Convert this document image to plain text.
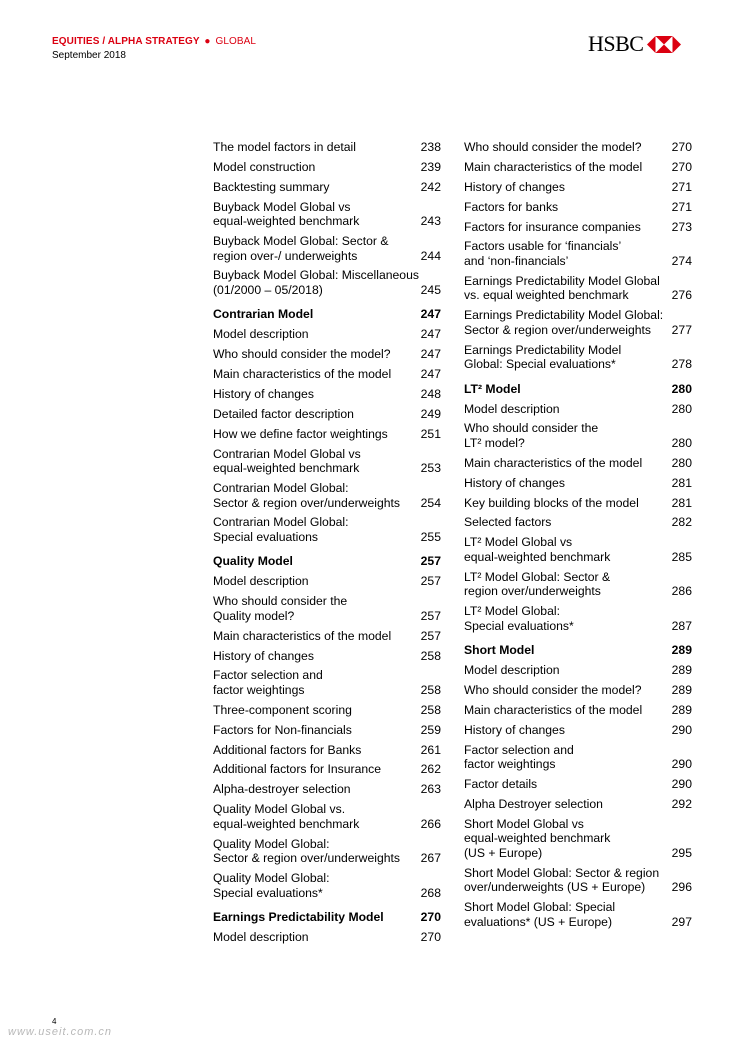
EQUITIES / ALPHA STRATEGY ● GLOBAL
September 2018	HSBC
The model factors in detail	238
Model construction	239
Backtesting summary	242
Buyback Model Global vs
equal-weighted benchmark	243
Buyback Model Global: Sector &
region over-/ underweights	244
Buyback Model Global: Miscellaneous
(01/2000 – 05/2018)	245
Contrarian Model	247
Model description	247
Who should consider the model? 247
Main characteristics of the model 247
History of changes	248
Detailed factor description	249
How we define factor weightings	251
Contrarian Model Global vs
equal-weighted benchmark	253
Contrarian Model Global:
Sector & region over/underweights 254
Contrarian Model Global:
Special evaluations	255
Quality Model	257
Model description	257
Who should consider the
Quality model?	257
Main characteristics of the model 257
History of changes	258
Factor selection and
factor weightings	258
Three-component scoring	258
Factors for Non-financials	259
Additional factors for Banks	261
Additional factors for Insurance	262
Alpha-destroyer selection	263
Quality Model Global vs.
equal-weighted benchmark	266
Quality Model Global:
Sector & region over/underweights 267
Quality Model Global:
Special evaluations*	268
Earnings Predictability Model	270
Model description	270
Who should consider the model? 270
Main characteristics of the model 270
History of changes	271
Factors for banks	271
Factors for insurance companies	273
Factors usable for ‘financials’
and ‘non-financials’	274
Earnings Predictability Model Global
vs. equal weighted benchmark	276
Earnings Predictability Model Global:
Sector & region over/underweights	277
Earnings Predictability Model
Global: Special evaluations*	278
LT² Model	280
Model description	280
Who should consider the
LT² model?	280
Main characteristics of the model 280
History of changes	281
Key building blocks of the model	281
Selected factors	282
LT² Model Global vs
equal-weighted benchmark	285
LT² Model Global: Sector &
region over/underweights	286
LT² Model Global:
Special evaluations*	287
Short Model	289
Model description	289
Who should consider the model? 289
Main characteristics of the model 289
History of changes	290
Factor selection and
factor weightings	290
Factor details	290
Alpha Destroyer selection	292
Short Model Global vs
equal-weighted benchmark
(US + Europe)	295
Short Model Global: Sector & region
over/underweights (US + Europe)	296
Short Model Global: Special
evaluations* (US + Europe)	297
4
www.useit.com.cn
